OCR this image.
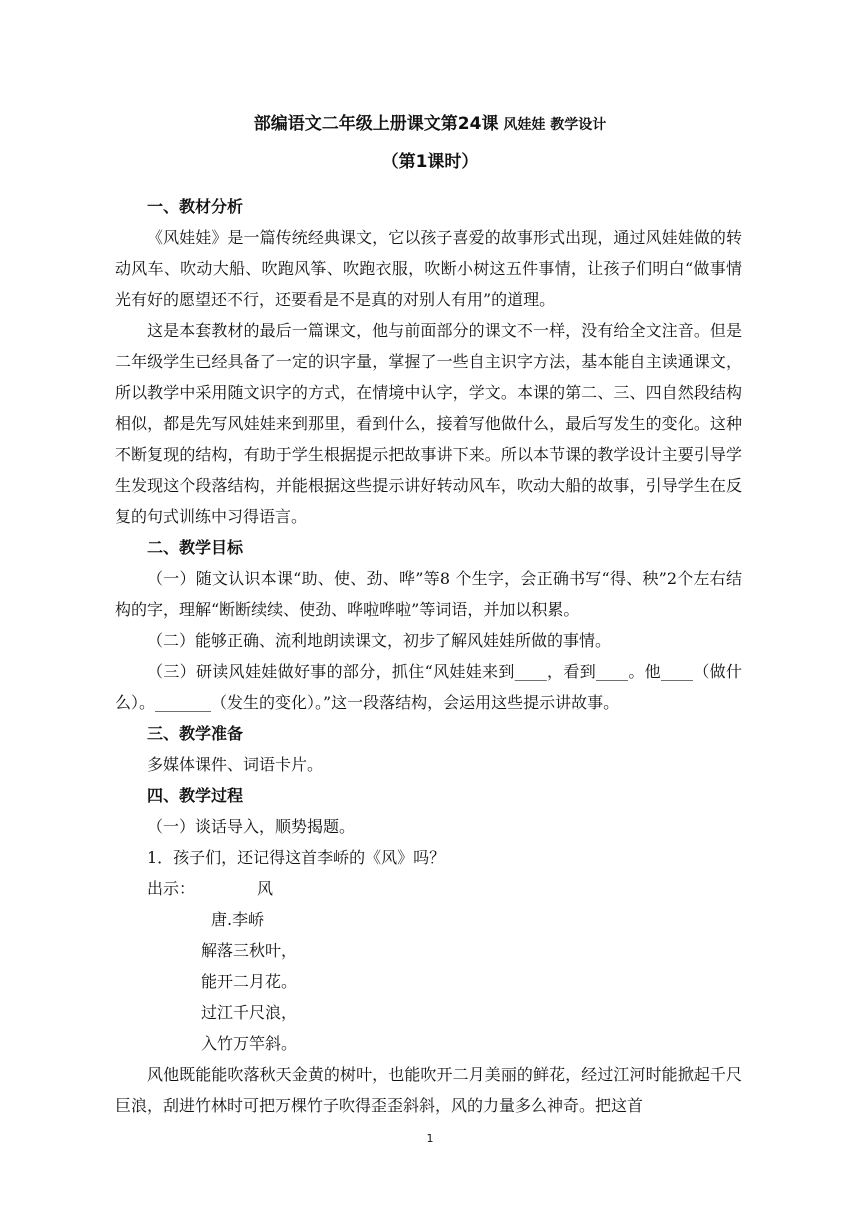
部编语文二年级上册课文第24课 风娃娃 教学设计
（第1课时）

一、教材分析

《风娃娃》是一篇传统经典课文，它以孩子喜爱的故事形式出现，通过风娃娃做的转动风车、吹动大船、吹跑风筝、吹跑衣服，吹断小树这五件事情，让孩子们明白“做事情光有好的愿望还不行，还要看是不是真的对别人有用”的道理。

这是本套教材的最后一篇课文，他与前面部分的课文不一样，没有给全文注音。但是二年级学生已经具备了一定的识字量，掌握了一些自主识字方法，基本能自主读通课文，所以教学中采用随文识字的方式，在情境中认字，学文。本课的第二、三、四自然段结构相似，都是先写风娃娃来到那里，看到什么，接着写他做什么，最后写发生的变化。这种不断复现的结构，有助于学生根据提示把故事讲下来。所以本节课的教学设计主要引导学生发现这个段落结构，并能根据这些提示讲好转动风车，吹动大船的故事，引导学生在反复的句式训练中习得语言。

二、教学目标

（一）随文认识本课“助、使、劲、哗”等8 个生字，会正确书写“得、秧”2个左右结构的字，理解“断断续续、使劲、哗啦哗啦”等词语，并加以积累。

（二）能够正确、流利地朗读课文，初步了解风娃娃所做的事情。

（三）研读风娃娃做好事的部分，抓住“风娃娃来到____，看到____。他____（做什么）。_______（发生的变化）。”这一段落结构，会运用这些提示讲故事。

三、教学准备

多媒体课件、词语卡片。

四、教学过程

（一）谈话导入，顺势揭题。

1．孩子们，还记得这首李峤的《风》吗？

出示：	风

唐.李峤

解落三秋叶，

能开二月花。

过江千尺浪，

入竹万竿斜。

风他既能能吹落秋天金黄的树叶，也能吹开二月美丽的鲜花，经过江河时能掀起千尺巨浪，刮进竹林时可把万棵竹子吹得歪歪斜斜，风的力量多么神奇。把这首

1
